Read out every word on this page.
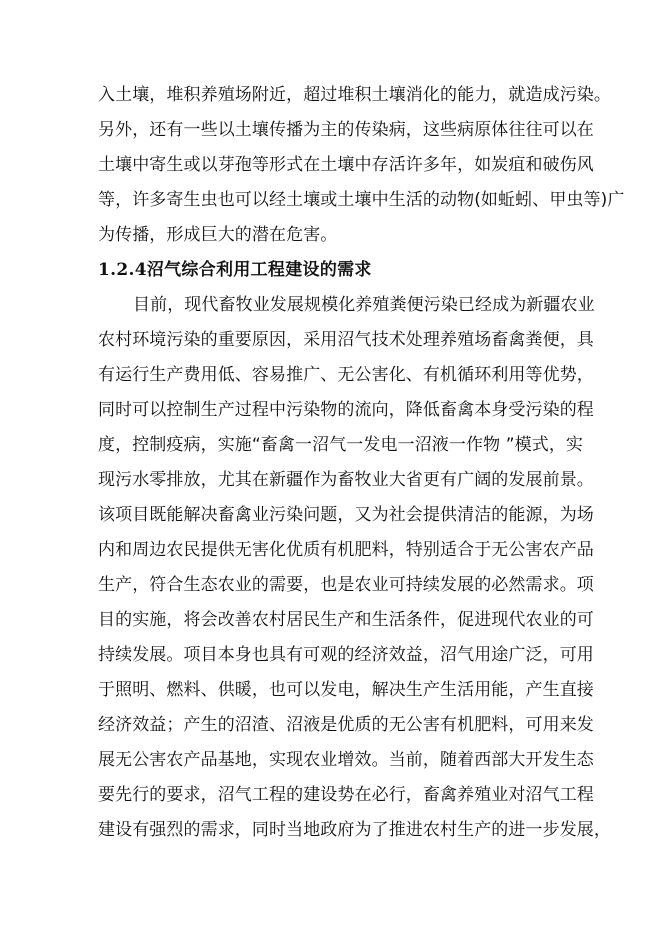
入土壤，堆积养殖场附近，超过堆积土壤消化的能力，就造成污染。
另外，还有一些以土壤传播为主的传染病，这些病原体往往可以在
土壤中寄生或以芽孢等形式在土壤中存活许多年，如炭疽和破伤风
等，许多寄生虫也可以经土壤或土壤中生活的动物(如蚯蚓、甲虫等)广
为传播，形成巨大的潜在危害。
1.2.4沼气综合利用工程建设的需求
目前，现代畜牧业发展规模化养殖粪便污染已经成为新疆农业
农村环境污染的重要原因，采用沼气技术处理养殖场畜禽粪便，具
有运行生产费用低、容易推广、无公害化、有机循环利用等优势，
同时可以控制生产过程中污染物的流向，降低畜禽本身受污染的程
度，控制疫病，实施“畜禽一沼气一发电一沼液一作物 ”模式，实
现污水零排放，尤其在新疆作为畜牧业大省更有广阔的发展前景。
该项目既能解决畜禽业污染问题，又为社会提供清洁的能源，为场
内和周边农民提供无害化优质有机肥料，特别适合于无公害农产品
生产，符合生态农业的需要，也是农业可持续发展的必然需求。项
目的实施，将会改善农村居民生产和生活条件，促进现代农业的可
持续发展。项目本身也具有可观的经济效益，沼气用途广泛，可用
于照明、燃料、供暖，也可以发电，解决生产生活用能，产生直接
经济效益；产生的沼渣、沼液是优质的无公害有机肥料，可用来发
展无公害农产品基地，实现农业增效。当前，随着西部大开发生态
要先行的要求，沼气工程的建设势在必行，畜禽养殖业对沼气工程
建设有强烈的需求，同时当地政府为了推进农村生产的进一步发展，
